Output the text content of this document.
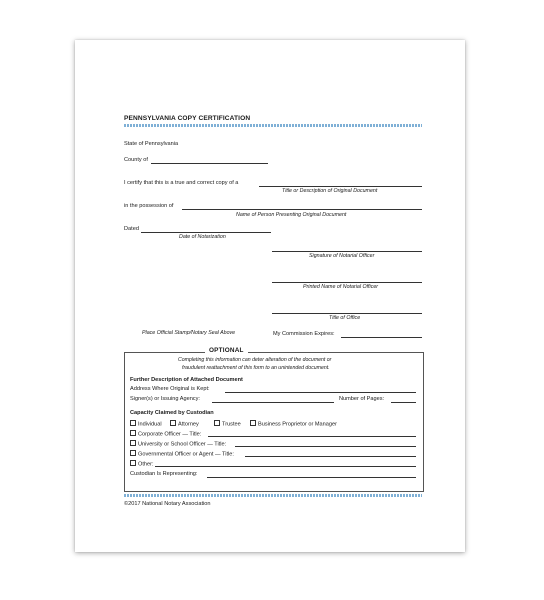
PENNSYLVANIA COPY CERTIFICATION
State of Pennsylvania
County of
I certify that this is a true and correct copy of a
Title or Description of Original Document
in the possession of
Name of Person Presenting Original Document
Dated
Date of Notarization
Signature of Notarial Officer
Printed Name of Notarial Officer
Title of Office
Place Official Stamp/Notary Seal Above	My Commission Expires:
OPTIONAL
Completing this information can deter alteration of the document or
fraudulent reattachment of this form to an unintended document.
Further Description of Attached Document
Address Where Original is Kept:
Signer(s) or Issuing Agency:	Number of Pages:
Capacity Claimed by Custodian
Individual	Attorney	Trustee	Business Proprietor or Manager
Corporate Officer — Title:
University or School Officer — Title:
Governmental Officer or Agent — Title:
Other:
Custodian Is Representing:
©2017 National Notary Association
